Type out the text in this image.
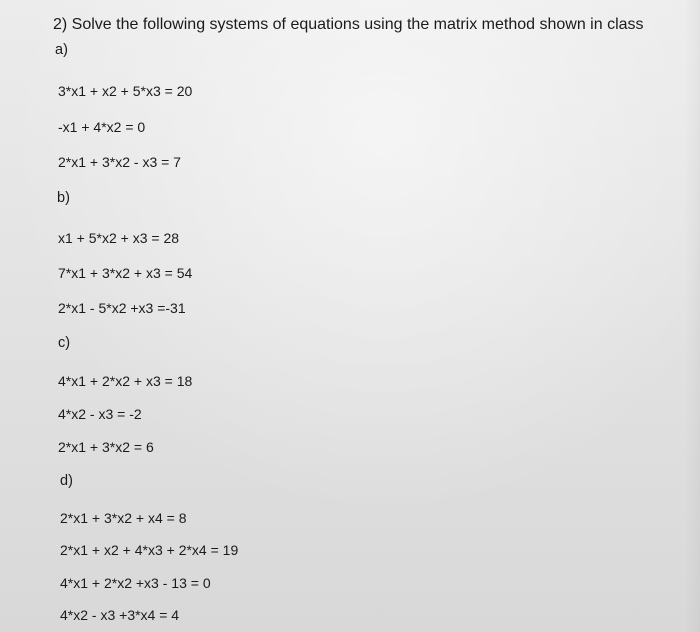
2) Solve the following systems of equations using the matrix method shown in class
a)
3*x1 + x2 + 5*x3 = 20
-x1 + 4*x2 = 0
2*x1 + 3*x2 - x3 = 7
b)
x1 + 5*x2 + x3 = 28
7*x1 + 3*x2 + x3 = 54
2*x1 - 5*x2 +x3 =-31
c)
4*x1 + 2*x2 + x3 = 18
4*x2 - x3 = -2
2*x1 + 3*x2 = 6
d)
2*x1 + 3*x2 + x4 = 8
2*x1 + x2 + 4*x3 + 2*x4 = 19
4*x1 + 2*x2 +x3 - 13 = 0
4*x2 - x3 +3*x4 = 4
